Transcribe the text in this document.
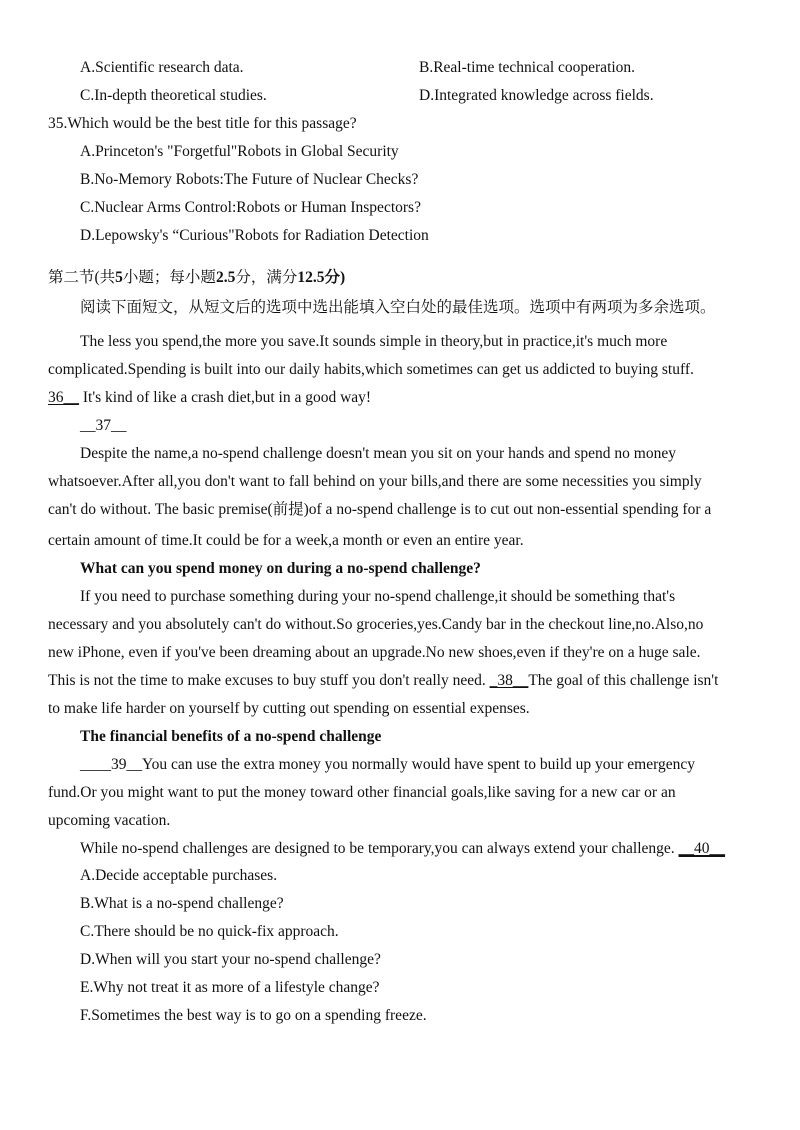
A.Scientific research data.	B.Real-time technical cooperation.
C.In-depth theoretical studies.	D.Integrated knowledge across fields.
35.Which would be the best title for this passage?
A.Princeton's "Forgetful"Robots in Global Security
B.No-Memory Robots:The Future of Nuclear Checks?
C.Nuclear Arms Control:Robots or Human Inspectors?
D.Lepowsky's “Curious"Robots for Radiation Detection
第二节(共5小题；每小题2.5分，满分12.5分)
阅读下面短文，从短文后的选项中选出能填入空白处的最佳选项。选项中有两项为多余选项。
The less you spend,the more you save.It sounds simple in theory,but in practice,it's much more
complicated.Spending is built into our daily habits,which sometimes can get us addicted to buying stuff.
36__ It's kind of like a crash diet,but in a good way!
__37__
Despite the name,a no-spend challenge doesn't mean you sit on your hands and spend no money
whatsoever.After all,you don't want to fall behind on your bills,and there are some necessities you simply
can't do without. The basic premise(前提)of a no-spend challenge is to cut out non-essential spending for a
certain amount of time.It could be for a week,a month or even an entire year.
What can you spend money on during a no-spend challenge?
If you need to purchase something during your no-spend challenge,it should be something that's
necessary and you absolutely can't do without.So groceries,yes.Candy bar in the checkout line,no.Also,no
new iPhone, even if you've been dreaming about an upgrade.No new shoes,even if they're on a huge sale.
This is not the time to make excuses to buy stuff you don't really need. _38__The goal of this challenge isn't
to make life harder on yourself by cutting out spending on essential expenses.
The financial benefits of a no-spend challenge
____39__You can use the extra money you normally would have spent to build up your emergency
fund.Or you might want to put the money toward other financial goals,like saving for a new car or an
upcoming vacation.
While no-spend challenges are designed to be temporary,you can always extend your challenge. __40__
A.Decide acceptable purchases.
B.What is a no-spend challenge?
C.There should be no quick-fix approach.
D.When will you start your no-spend challenge?
E.Why not treat it as more of a lifestyle change?
F.Sometimes the best way is to go on a spending freeze.
